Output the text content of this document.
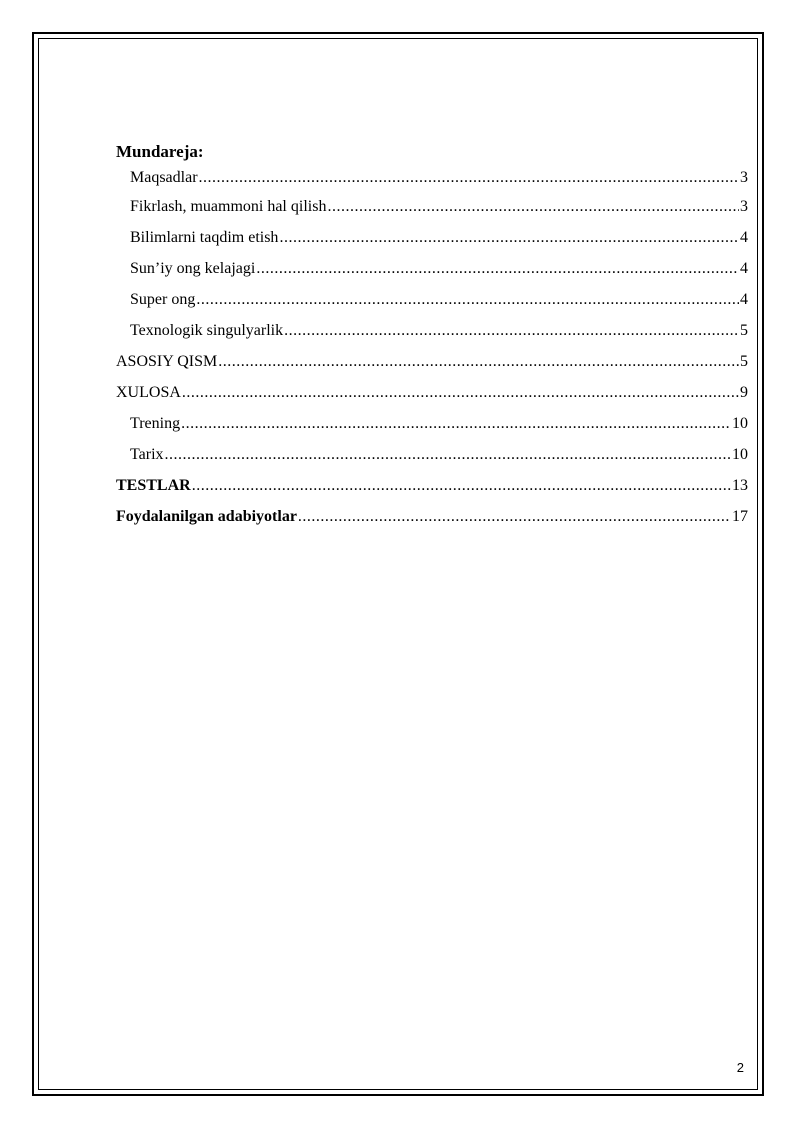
Mundareja:
Maqsadlar .....	3
Fikrlash, muammoni hal qilish .....	3
Bilimlarni taqdim etish .....	4
Sun’iy ong kelajagi .....	4
Super ong .....	4
Texnologik singulyarlik .....	5
ASOSIY QISM .....	5
XULOSA .....	9
Trening .....	10
Tarix .....	10
TESTLAR .....	13
Foydalanilgan adabiyotlar .....	17
2
